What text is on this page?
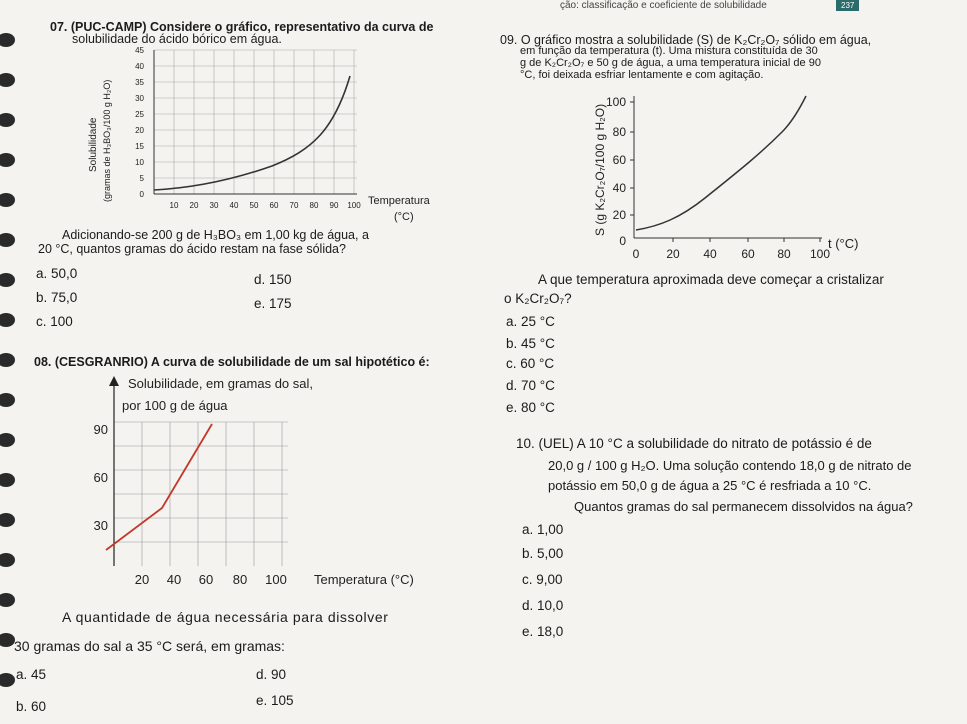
ção: classificação e coeficiente de solubilidade	237
07. (PUC-CAMP) Considere o gráfico, representativo da curva de
solubilidade do ácido bórico em água.
45
40
35
30
25
20
15
10
5
0
10 20 30 40 50 60 70 80 90 100
Solubilidade (gramas de H₃BO₃/100 g H₂O)	Temperatura
(°C)
Adicionando-se 200 g de H₃BO₃ em 1,00 kg de água, a
20 °C, quantos gramas do ácido restam na fase sólida?
a. 50,0
b. 75,0
c. 100
d. 150
e. 175
08. (CESGRANRIO) A curva de solubilidade de um sal hipotético é:
Solubilidade, em gramas do sal,
por 100 g de água
90
60
30
20 40 60 80 100 Temperatura (°C)
A quantidade de água necessária para dissolver
30 gramas do sal a 35 °C será, em gramas:
a. 45
b. 60
d. 90
e. 105
09. O gráfico mostra a solubilidade (S) de K₂Cr₂O₇ sólido em água,
em função da temperatura (t). Uma mistura constituída de 30
g de K₂Cr₂O₇ e 50 g de água, a uma temperatura inicial de 90
°C, foi deixada esfriar lentamente e com agitação.
100
80
60
40
20
0
0 20 40 60 80 100
S (g K₂Cr₂O₇/100 g H₂O)
t (°C)
A que temperatura aproximada deve começar a cristalizar
o K₂Cr₂O₇?
a. 25 °C
b. 45 °C
c. 60 °C
d. 70 °C
e. 80 °C
10. (UEL) A 10 °C a solubilidade do nitrato de potássio é de
20,0 g / 100 g H₂O. Uma solução contendo 18,0 g de nitrato de
potássio em 50,0 g de água a 25 °C é resfriada a 10 °C.
Quantos gramas do sal permanecem dissolvidos na água?
a. 1,00
b. 5,00
c. 9,00
d. 10,0
e. 18,0
